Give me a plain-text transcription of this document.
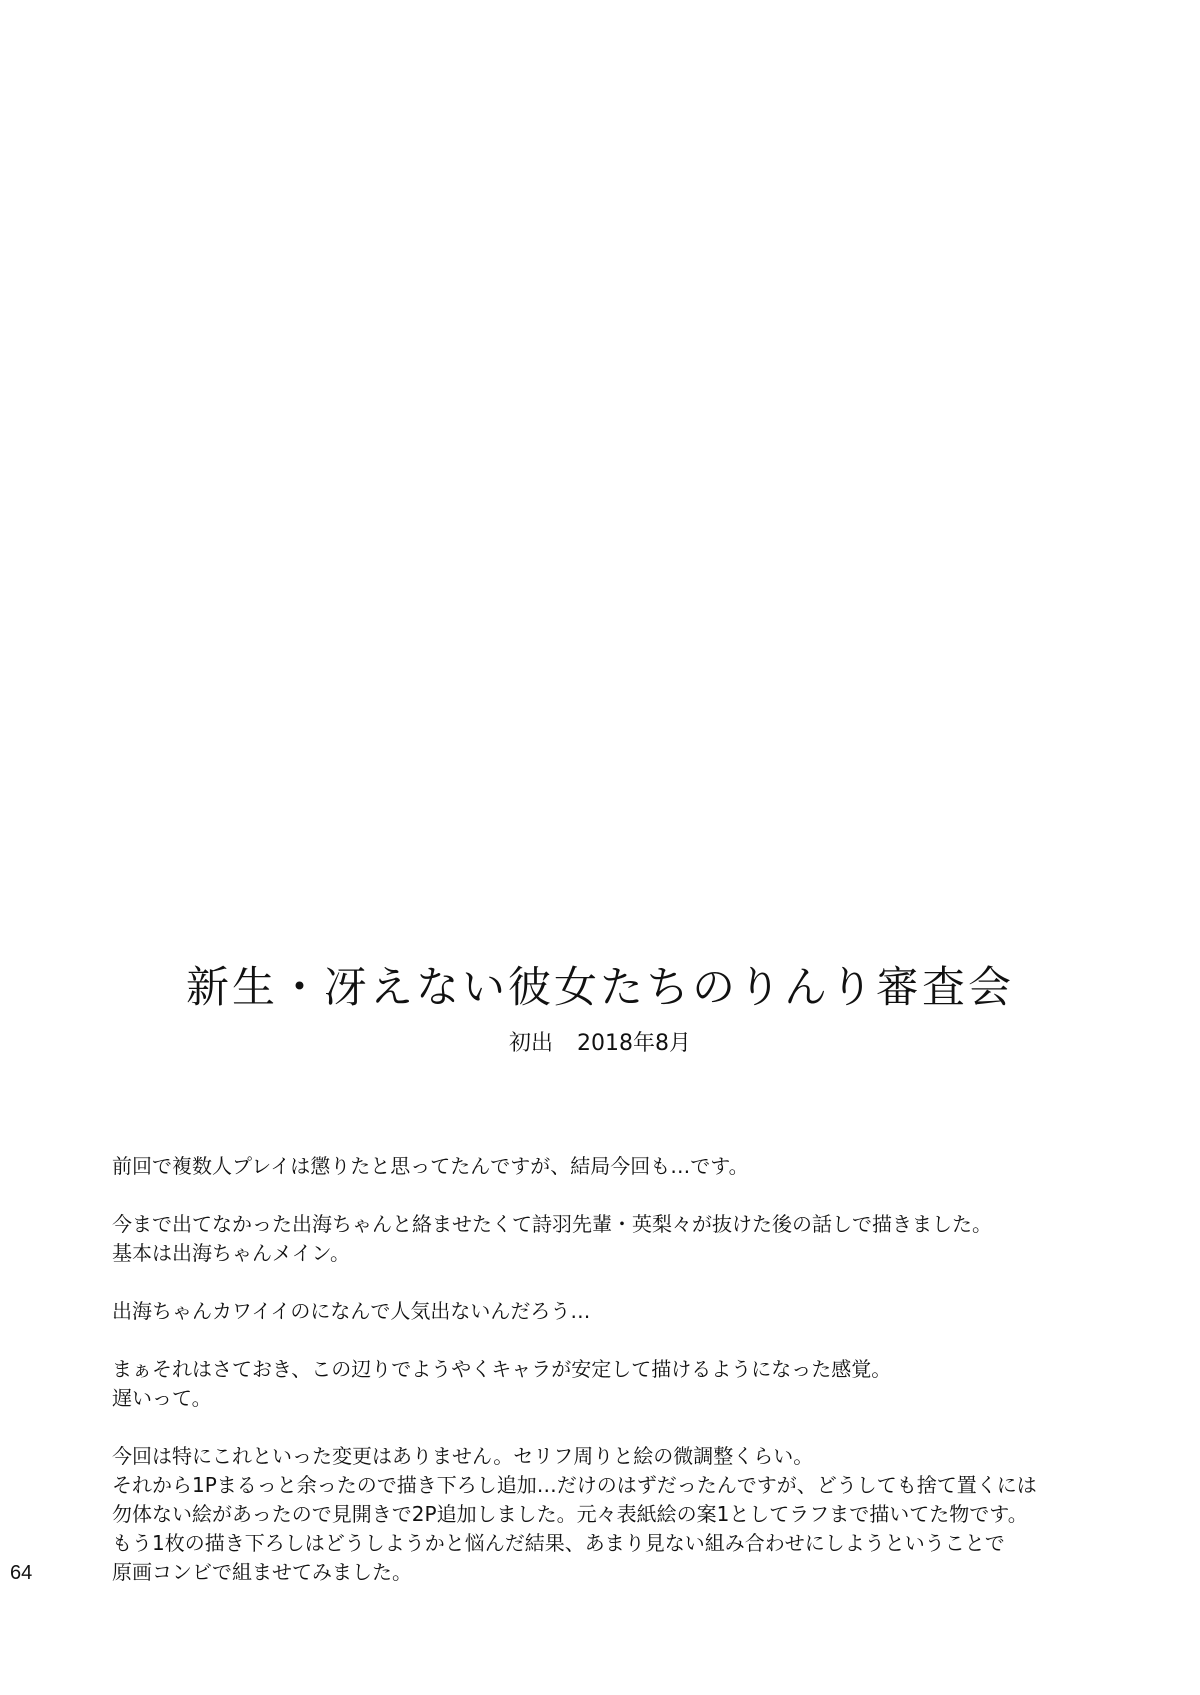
新生・冴えない彼女たちのりんり審査会
初出 2018年8月
前回で複数人プレイは懲りたと思ってたんですが、結局今回も…です。
今まで出てなかった出海ちゃんと絡ませたくて詩羽先輩・英梨々が抜けた後の話しで描きました。
基本は出海ちゃんメイン。
出海ちゃんカワイイのになんで人気出ないんだろう…
まぁそれはさておき、この辺りでようやくキャラが安定して描けるようになった感覚。
遅いって。
今回は特にこれといった変更はありません。セリフ周りと絵の微調整くらい。
それから1Pまるっと余ったので描き下ろし追加…だけのはずだったんですが、どうしても捨て置くには
勿体ない絵があったので見開きで2P追加しました。元々表紙絵の案1としてラフまで描いてた物です。
もう1枚の描き下ろしはどうしようかと悩んだ結果、あまり見ない組み合わせにしようということで
原画コンビで組ませてみました。
64
